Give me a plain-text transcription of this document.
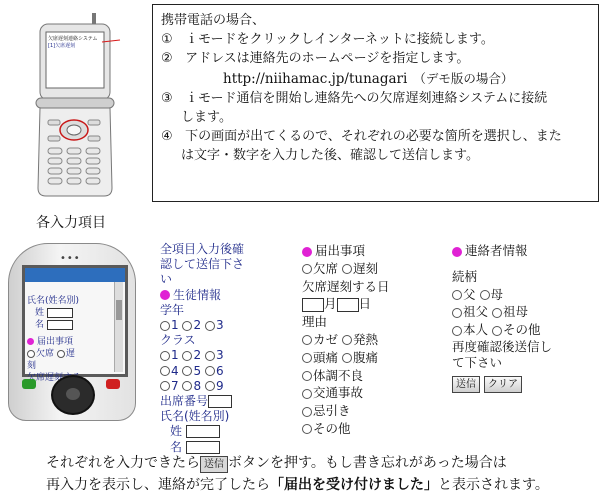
欠席遅刻連絡システム
[1]欠席遅刻
携帯電話の場合、
① ｉモードをクリックしインターネットに接続します。
② アドレスは連絡先のホームページを指定します。
http://niihamac.jp/tunagari （デモ版の場合）
③ ｉモード通信を開始し連絡先への欠席遅刻連絡システムに接続
します。
④ 下の画面が出てくるので、それぞれの必要な箇所を選択し、また
は文字・数字を入力した後、確認して送信します。
各入力項目
•••
氏名(姓名別)
姓
名
届出事項
欠席 遅
刻
全項目入力後確認して送信下さい
生徒情報
学年
1 2 3
クラス
1 2 3
4 5 6
7 8 9
出席番号
氏名(姓名別)
姓
名
届出事項
欠席 遅刻
欠席遅刻する日
月 日
理由
カゼ 発熱
頭痛 腹痛
体調不良
交通事故
忌引き
その他
連絡者情報
続柄
父 母
祖父 祖母
本人 その他
再度確認後送信して下さい
送信 クリア
それぞれを入力できたら 送信 ボタンを押す。もし書き忘れがあった場合は
再入力を表示し、連絡が完了したら「届出を受け付けました」と表示されます。
